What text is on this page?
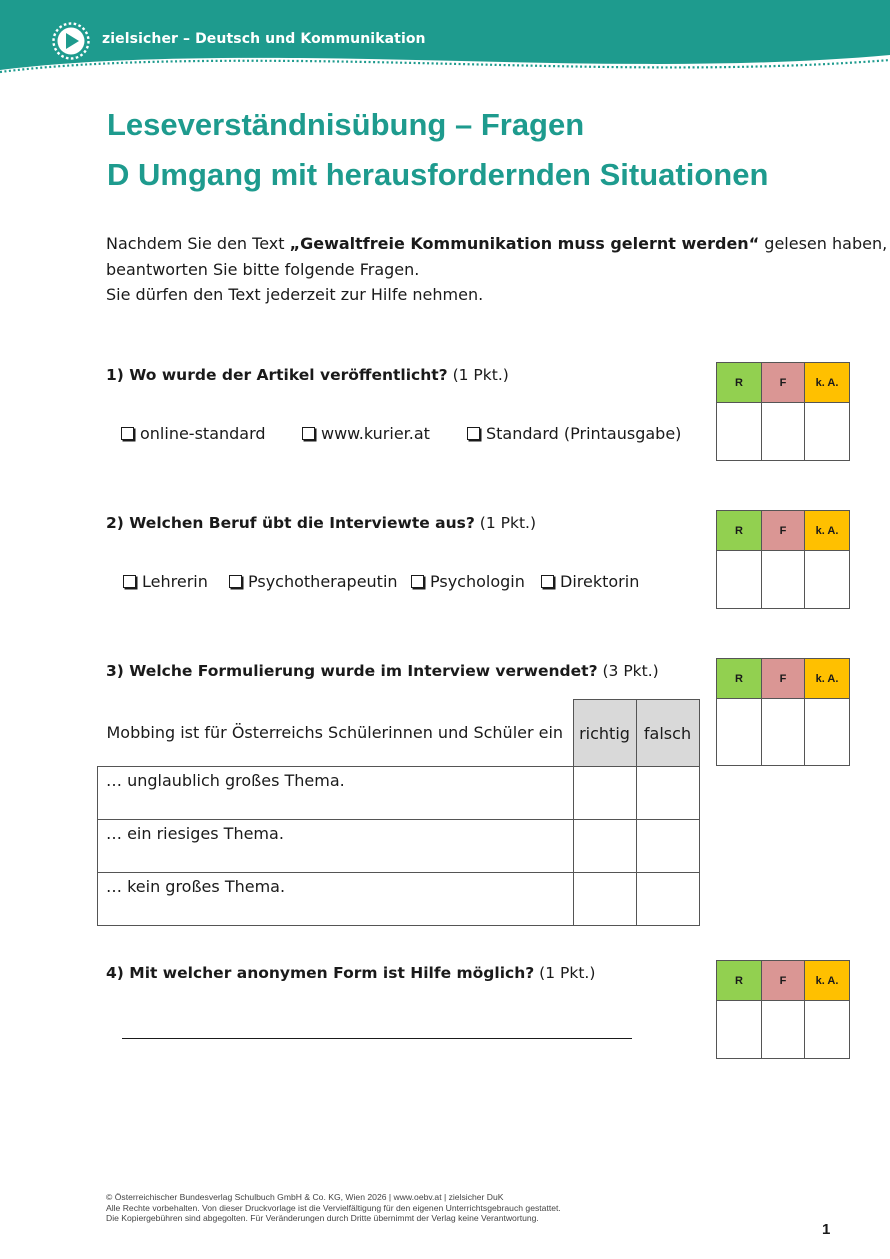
zielsicher – Deutsch und Kommunikation
Leseverständnisübung – Fragen
D Umgang mit herausfordernden Situationen
Nachdem Sie den Text „Gewaltfreie Kommunikation muss gelernt werden“ gelesen haben,
beantworten Sie bitte folgende Fragen.
Sie dürfen den Text jederzeit zur Hilfe nehmen.
1) Wo wurde der Artikel veröffentlicht? (1 Pkt.)
online-standard	www.kurier.at	Standard (Printausgabe)
R	F	k. A.

2) Welchen Beruf übt die Interviewte aus? (1 Pkt.)
Lehrerin	Psychotherapeutin Psychologin Direktorin
R	F	k. A.

3) Welche Formulierung wurde im Interview verwendet? (3 Pkt.)	R	F	k. A.

Mobbing ist für Österreichs Schülerinnen und Schüler ein	richtig	falsch
… unglaublich großes Thema.		
… ein riesiges Thema.		
… kein großes Thema.		
4) Mit welcher anonymen Form ist Hilfe möglich? (1 Pkt.)	R	F	k. A.

© Österreichischer Bundesverlag Schulbuch GmbH & Co. KG, Wien 2026 | www.oebv.at | zielsicher DuK
Alle Rechte vorbehalten. Von dieser Druckvorlage ist die Vervielfältigung für den eigenen Unterrichtsgebrauch gestattet.
Die Kopiergebühren sind abgegolten. Für Veränderungen durch Dritte übernimmt der Verlag keine Verantwortung.
1
